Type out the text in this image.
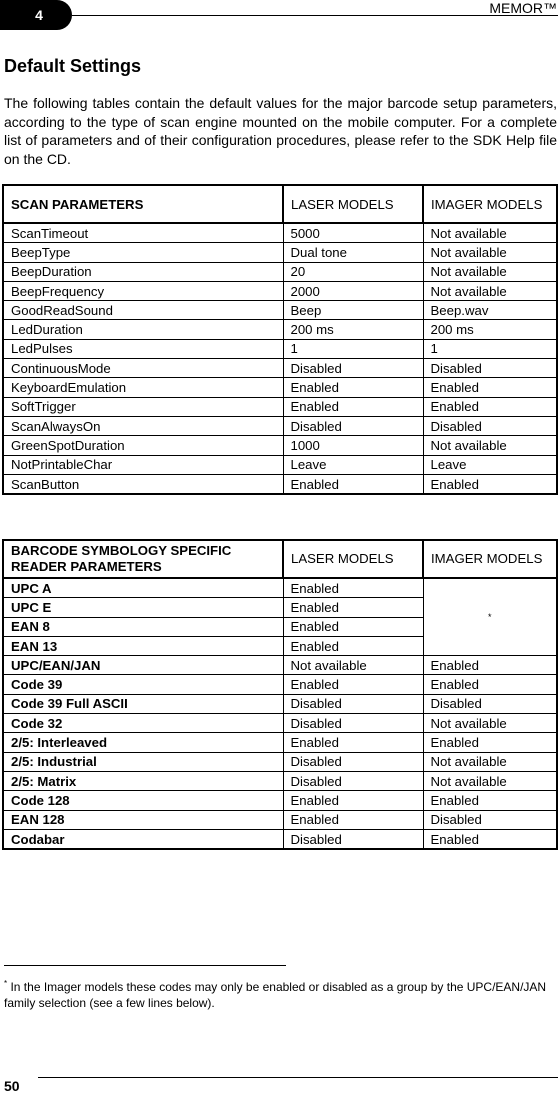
4	MEMOR™
Default Settings

The following tables contain the default values for the major barcode setup parameters, according to the type of scan engine mounted on the mobile computer. For a complete list of parameters and of their configuration procedures, please refer to the SDK Help file on the CD.

SCAN PARAMETERS	LASER MODELS	IMAGER MODELS
ScanTimeout	5000	Not available
BeepType	Dual tone	Not available
BeepDuration	20	Not available
BeepFrequency	2000	Not available
GoodReadSound	Beep	Beep.wav
LedDuration	200 ms	200 ms
LedPulses	1	1
ContinuousMode	Disabled	Disabled
KeyboardEmulation	Enabled	Enabled
SoftTrigger	Enabled	Enabled
ScanAlwaysOn	Disabled	Disabled
GreenSpotDuration	1000	Not available
NotPrintableChar	Leave	Leave
ScanButton	Enabled	Enabled
BARCODE SYMBOLOGY SPECIFIC READER PARAMETERS	LASER MODELS	IMAGER MODELS
UPC A	Enabled	*
UPC E	Enabled	
EAN 8	Enabled	
EAN 13	Enabled	
UPC/EAN/JAN	Not available	Enabled
Code 39	Enabled	Enabled
Code 39 Full ASCII	Disabled	Disabled
Code 32	Disabled	Not available
2/5: Interleaved	Enabled	Enabled
2/5: Industrial	Disabled	Not available
2/5: Matrix	Disabled	Not available
Code 128	Enabled	Enabled
EAN 128	Enabled	Disabled
Codabar	Disabled	Enabled

* In the Imager models these codes may only be enabled or disabled as a group by the UPC/EAN/JAN family selection (see a few lines below).

50
